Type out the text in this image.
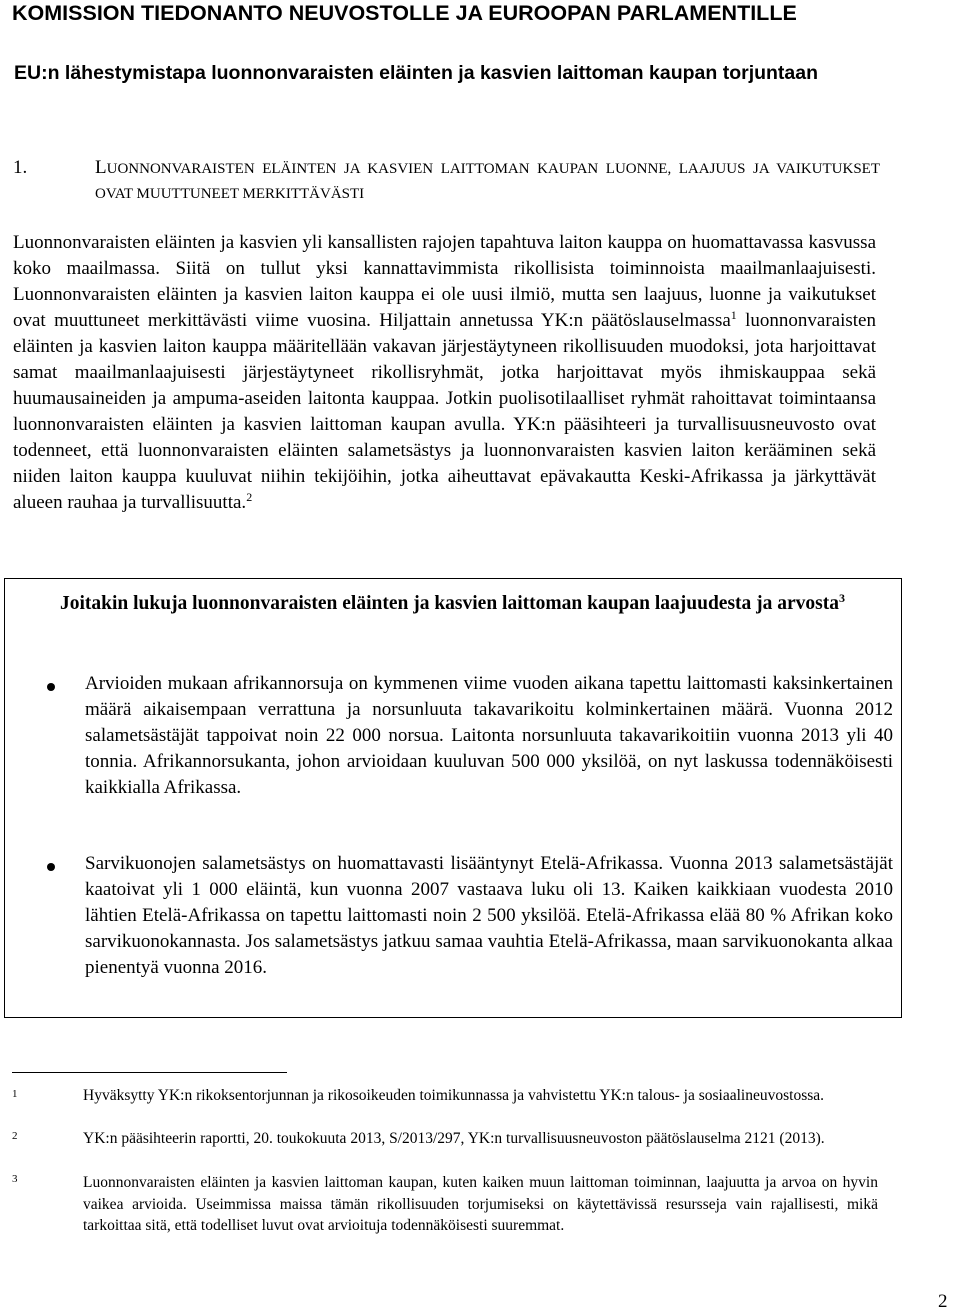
KOMISSION TIEDONANTO NEUVOSTOLLE JA EUROOPAN PARLAMENTILLE
EU:n lähestymistapa luonnonvaraisten eläinten ja kasvien laittoman kaupan torjuntaan
1.	LUONNONVARAISTEN ELÄINTEN JA KASVIEN LAITTOMAN KAUPAN LUONNE, LAAJUUS JA VAIKUTUKSET OVAT MUUTTUNEET MERKITTÄVÄSTI

Luonnonvaraisten eläinten ja kasvien yli kansallisten rajojen tapahtuva laiton kauppa on huomattavassa kasvussa koko maailmassa. Siitä on tullut yksi kannattavimmista rikollisista toiminnoista maailmanlaajuisesti. Luonnonvaraisten eläinten ja kasvien laiton kauppa ei ole uusi ilmiö, mutta sen laajuus, luonne ja vaikutukset ovat muuttuneet merkittävästi viime vuosina. Hiljattain annetussa YK:n päätöslauselmassa$^1$ luonnonvaraisten eläinten ja kasvien laiton kauppa määritellään vakavan järjestäytyneen rikollisuuden muodoksi, jota harjoittavat samat maailmanlaajuisesti järjestäytyneet rikollisryhmät, jotka harjoittavat myös ihmiskauppaa sekä huumausaineiden ja ampuma-aseiden laitonta kauppaa. Jotkin puolisotilaalliset ryhmät rahoittavat toimintaansa luonnonvaraisten eläinten ja kasvien laittoman kaupan avulla. YK:n pääsihteeri ja turvallisuusneuvosto ovat todenneet, että luonnonvaraisten eläinten salametsästys ja luonnonvaraisten kasvien laiton kerääminen sekä niiden laiton kauppa kuuluvat niihin tekijöihin, jotka aiheuttavat epävakautta Keski-Afrikassa ja järkyttävät alueen rauhaa ja turvallisuutta.$^2$

Joitakin lukuja luonnonvaraisten eläinten ja kasvien laittoman kaupan laajuudesta ja arvosta$^3$

Arvioiden mukaan afrikannorsuja on kymmenen viime vuoden aikana tapettu laittomasti kaksinkertainen määrä aikaisempaan verrattuna ja norsunluuta takavarikoitu kolminkertainen määrä. Vuonna 2012 salametsästäjät tappoivat noin 22 000 norsua. Laitonta norsunluuta takavarikoitiin vuonna 2013 yli 40 tonnia. Afrikannorsukanta, johon arvioidaan kuuluvan 500 000 yksilöä, on nyt laskussa todennäköisesti kaikkialla Afrikassa.
Sarvikuonojen salametsästys on huomattavasti lisääntynyt Etelä-Afrikassa. Vuonna 2013 salametsästäjät kaatoivat yli 1 000 eläintä, kun vuonna 2007 vastaava luku oli 13. Kaiken kaikkiaan vuodesta 2010 lähtien Etelä-Afrikassa on tapettu laittomasti noin 2 500 yksilöä. Etelä-Afrikassa elää 80 % Afrikan koko sarvikuonokannasta. Jos salametsästys jatkuu samaa vauhtia Etelä-Afrikassa, maan sarvikuonokanta alkaa pienentyä vuonna 2016.
1	Hyväksytty YK:n rikoksentorjunnan ja rikosoikeuden toimikunnassa ja vahvistettu YK:n talous- ja sosiaalineuvostossa.

2	YK:n pääsihteerin raportti, 20. toukokuuta 2013, S/2013/297, YK:n turvallisuusneuvoston päätöslauselma 2121 (2013).

3	Luonnonvaraisten eläinten ja kasvien laittoman kaupan, kuten kaiken muun laittoman toiminnan, laajuutta ja arvoa on hyvin vaikea arvioida. Useimmissa maissa tämän rikollisuuden torjumiseksi on käytettävissä resursseja vain rajallisesti, mikä tarkoittaa sitä, että todelliset luvut ovat arvioituja todennäköisesti suuremmat.

2
